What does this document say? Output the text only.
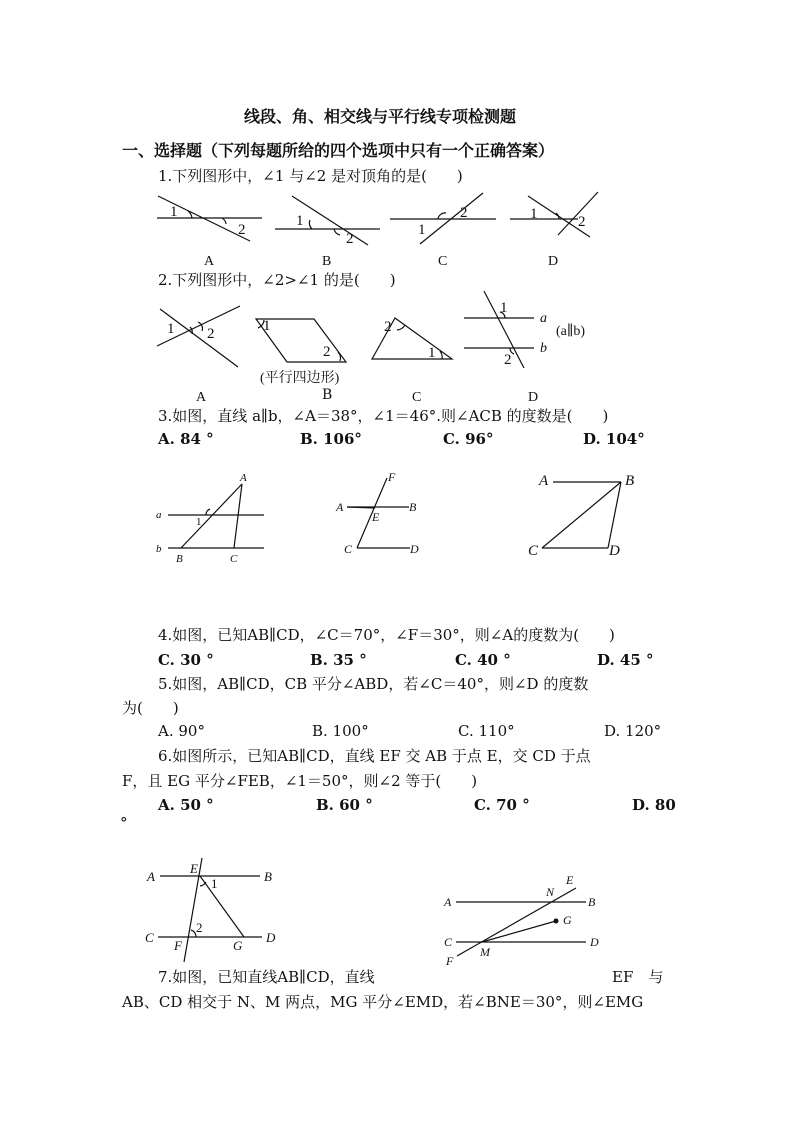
线段、角、相交线与平行线专项检测题
一、选择题（下列每题所给的四个选项中只有一个正确答案）
1.下列图形中，∠1 与∠2 是对顶角的是(　　)
1
2
1
2
1
2	1	2
A	B	C	D
1 2	1
2
2
1
1
2
a
b
(a∥b)
(平行四边形)
A	C	D
A
a
b
B	C
1
F
A	B
E
C	D
A	B
C	D
A
E
B
C
F	G
D
1
2
A
N
E
B
G
C
M
D
F
2.下列图形中，∠2>∠1 的是(　　)
B
3.如图，直线 a∥b，∠A＝38°，∠1＝46°.则∠ACB 的度数是(　　)
A. 84 °	B. 106°	C. 96°	D. 104°
4.如图，已知AB∥CD，∠C＝70°，∠F＝30°，则∠A的度数为(　　)
C. 30 °	B. 35 °	C. 40 °	D. 45 °
5.如图，AB∥CD，CB 平分∠ABD，若∠C＝40°，则∠D 的度数
为(　　)
A. 90°	B. 100°	C. 110°	D. 120°
6.如图所示，已知AB∥CD，直线 EF 交 AB 于点 E，交 CD 于点
F，且 EG 平分∠FEB，∠1＝50°，则∠2 等于(　　)
A. 50 °	B. 60 °	C. 70 °	D. 80
°
7.如图，已知直线AB∥CD，直线	EF　与
AB、CD 相交于 N、M 两点，MG 平分∠EMD，若∠BNE＝30°，则∠EMG
